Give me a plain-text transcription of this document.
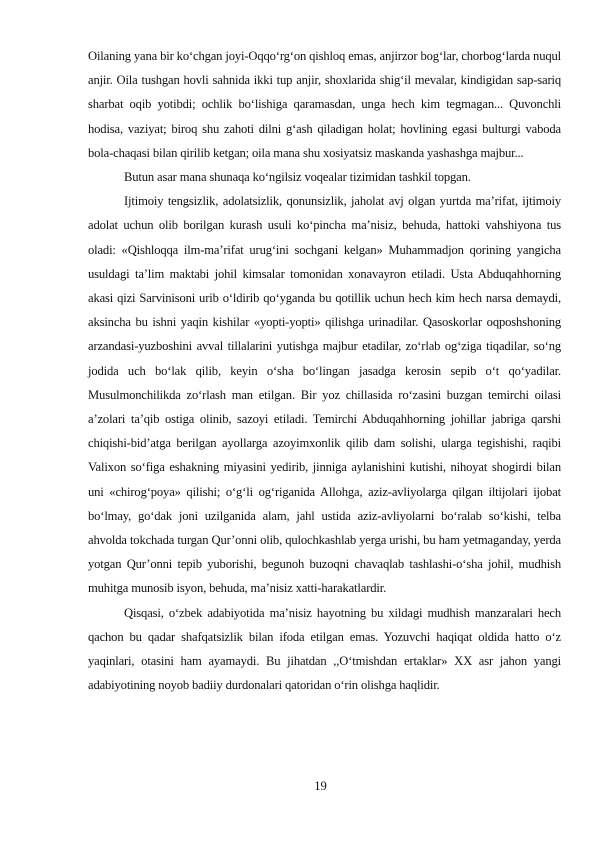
Oilaning yana bir ko‘chgan joyi-Oqqo‘rg‘on qishloq emas, anjirzor bog‘lar, chorbog‘larda nuqul anjir. Oila tushgan hovli sahnida ikki tup anjir, shoxlarida shig‘il mevalar, kindigidan sap-sariq sharbat oqib yotibdi; ochlik bo‘lishiga qaramasdan, unga hech kim tegmagan... Quvonchli hodisa, vaziyat; biroq shu zahoti dilni g‘ash qiladigan holat; hovlining egasi bulturgi vaboda bola-chaqasi bilan qirilib ketgan; oila mana shu xosiyatsiz maskanda yashashga majbur...

Butun asar mana shunaqa ko‘ngilsiz voqealar tizimidan tashkil topgan.

Ijtimoiy tengsizlik, adolatsizlik, qonunsizlik, jaholat avj olgan yurtda ma’rifat, ijtimoiy adolat uchun olib borilgan kurash usuli ko‘pincha ma’nisiz, behuda, hattoki vahshiyona tus oladi: «Qishloqqa ilm-ma’rifat urug‘ini sochgani kelgan» Muhammadjon qorining yangicha usuldagi ta’lim maktabi johil kimsalar tomonidan xonavayron etiladi. Usta Abduqahhorning akasi qizi Sarvinisoni urib o‘ldirib qo‘yganda bu qotillik uchun hech kim hech narsa demaydi, aksincha bu ishni yaqin kishilar «yopti-yopti» qilishga urinadilar. Qasoskorlar oqposhshoning arzandasi-yuzboshini avval tillalarini yutishga majbur etadilar, zo‘rlab og‘ziga tiqadilar, so‘ng jodida uch bo‘lak qilib, keyin o‘sha bo‘lingan jasadga kerosin sepib o‘t qo‘yadilar. Musulmonchilikda zo‘rlash man etilgan. Bir yoz chillasida ro‘zasini buzgan temirchi oilasi a’zolari ta’qib ostiga olinib, sazoyi etiladi. Temirchi Abduqahhorning johillar jabriga qarshi chiqishi-bid’atga berilgan ayollarga azoyimxonlik qilib dam solishi, ularga tegishishi, raqibi Valixon so‘figa eshakning miyasini yedirib, jinniga aylanishini kutishi, nihoyat shogirdi bilan uni «chirog‘poya» qilishi; o‘g‘li og‘riganida Allohga, aziz-avliyolarga qilgan iltijolari ijobat bo‘lmay, go‘dak joni uzilganida alam, jahl ustida aziz-avliyolarni bo‘ralab so‘kishi, telba ahvolda tokchada turgan Qur’onni olib, qulochkashlab yerga urishi, bu ham yetmaganday, yerda yotgan Qur’onni tepib yuborishi, begunoh buzoqni chavaqlab tashlashi-o‘sha johil, mudhish muhitga munosib isyon, behuda, ma’nisiz xatti-harakatlardir.

Qisqasi, o‘zbek adabiyotida ma’nisiz hayotning bu xildagi mudhish manzaralari hech qachon bu qadar shafqatsizlik bilan ifoda etilgan emas. Yozuvchi haqiqat oldida hatto o‘z yaqinlari, otasini ham ayamaydi. Bu jihatdan ,,O‘tmishdan ertaklar» XX asr jahon yangi adabiyotining noyob badiiy durdonalari qatoridan o‘rin olishga haqlidir.

19
